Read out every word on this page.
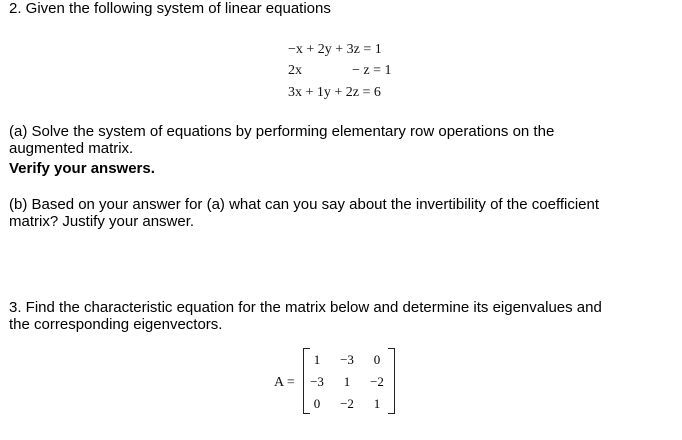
2. Given the following system of linear equations
−x + 2y + 3z = 1
2x	− z = 1
3x + 1y + 2z = 6
(a) Solve the system of equations by performing elementary row operations on the
augmented matrix.
Verify your answers.
(b) Based on your answer for (a) what can you say about the invertibility of the coefficient
matrix? Justify your answer.
3. Find the characteristic equation for the matrix below and determine its eigenvalues and
the corresponding eigenvectors.
A =
1	−3	0
−3	1	−2
0	−2	1
